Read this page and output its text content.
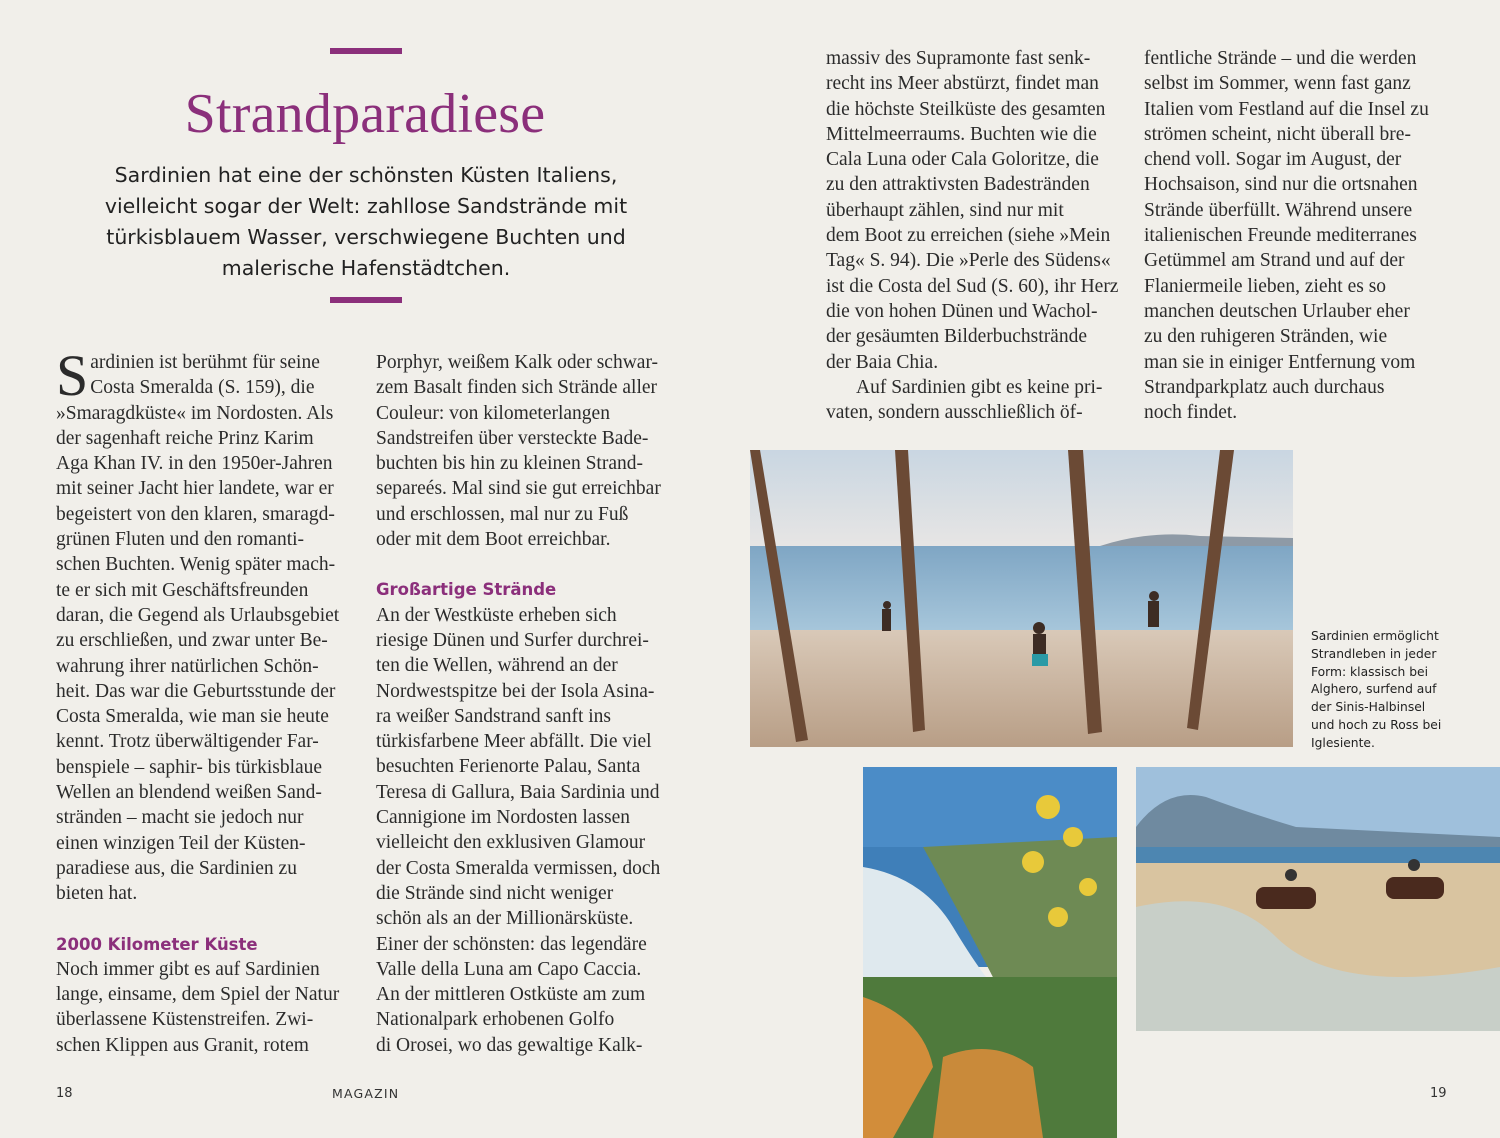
Strandparadiese

Sardinien hat eine der schönsten Küsten Italiens, vielleicht sogar der Welt: zahllose Sandstrände mit türkisblauem Wasser, verschwiegene Buchten und malerische Hafenstädtchen.

S ardinien ist berühmt für seine
Costa Smeralda (S. 159), die
»Smaragdküste« im Nordosten. Als
der sagenhaft reiche Prinz Karim
Aga Khan IV. in den 1950er-Jahren
mit seiner Jacht hier landete, war er
begeistert von den klaren, smaragd-
grünen Fluten und den romanti-
schen Buchten. Wenig später mach-
te er sich mit Geschäftsfreunden
daran, die Gegend als Urlaubsgebiet
zu erschließen, und zwar unter Be-
wahrung ihrer natürlichen Schön-
heit. Das war die Geburtsstunde der
Costa Smeralda, wie man sie heute
kennt. Trotz überwältigender Far-
benspiele – saphir- bis türkisblaue
Wellen an blendend weißen Sand-
stränden – macht sie jedoch nur
einen winzigen Teil der Küsten-
paradiese aus, die Sardinien zu
bieten hat.
2000 Kilometer Küste
Noch immer gibt es auf Sardinien
lange, einsame, dem Spiel der Natur
überlassene Küstenstreifen. Zwi-
schen Klippen aus Granit, rotem
Porphyr, weißem Kalk oder schwar-
zem Basalt finden sich Strände aller
Couleur: von kilometerlangen
Sandstreifen über versteckte Bade-
buchten bis hin zu kleinen Strand-
separeés. Mal sind sie gut erreichbar
und erschlossen, mal nur zu Fuß
oder mit dem Boot erreichbar.
Großartige Strände
An der Westküste erheben sich
riesige Dünen und Surfer durchrei-
ten die Wellen, während an der
Nordwestspitze bei der Isola Asina-
ra weißer Sandstrand sanft ins
türkisfarbene Meer abfällt. Die viel
besuchten Ferienorte Palau, Santa
Teresa di Gallura, Baia Sardinia und
Cannigione im Nordosten lassen
vielleicht den exklusiven Glamour
der Costa Smeralda vermissen, doch
die Strände sind nicht weniger
schön als an der Millionärsküste.
Einer der schönsten: das legendäre
Valle della Luna am Capo Caccia.
An der mittleren Ostküste am zum
Nationalpark erhobenen Golfo
di Orosei, wo das gewaltige Kalk-
massiv des Supramonte fast senk-
recht ins Meer abstürzt, findet man
die höchste Steilküste des gesamten
Mittelmeerraums. Buchten wie die
Cala Luna oder Cala Goloritze, die
zu den attraktivsten Badestränden
überhaupt zählen, sind nur mit
dem Boot zu erreichen (siehe »Mein
Tag« S. 94). Die »Perle des Südens«
ist die Costa del Sud (S. 60), ihr Herz
die von hohen Dünen und Wachol-
der gesäumten Bilderbuchstrände
der Baia Chia.
Auf Sardinien gibt es keine pri-
vaten, sondern ausschließlich öf-
fentliche Strände – und die werden
selbst im Sommer, wenn fast ganz
Italien vom Festland auf die Insel zu
strömen scheint, nicht überall bre-
chend voll. Sogar im August, der
Hochsaison, sind nur die ortsnahen
Strände überfüllt. Während unsere
italienischen Freunde mediterranes
Getümmel am Strand und auf der
Flaniermeile lieben, zieht es so
manchen deutschen Urlauber eher
zu den ruhigeren Stränden, wie
man sie in einiger Entfernung vom
Strandparkplatz auch durchaus
noch findet.
Sardinien ermöglicht
Strandleben in jeder
Form: klassisch bei
Alghero, surfend auf
der Sinis-Halbinsel
und hoch zu Ross bei
Iglesiente.
18	MAGAZIN	19
